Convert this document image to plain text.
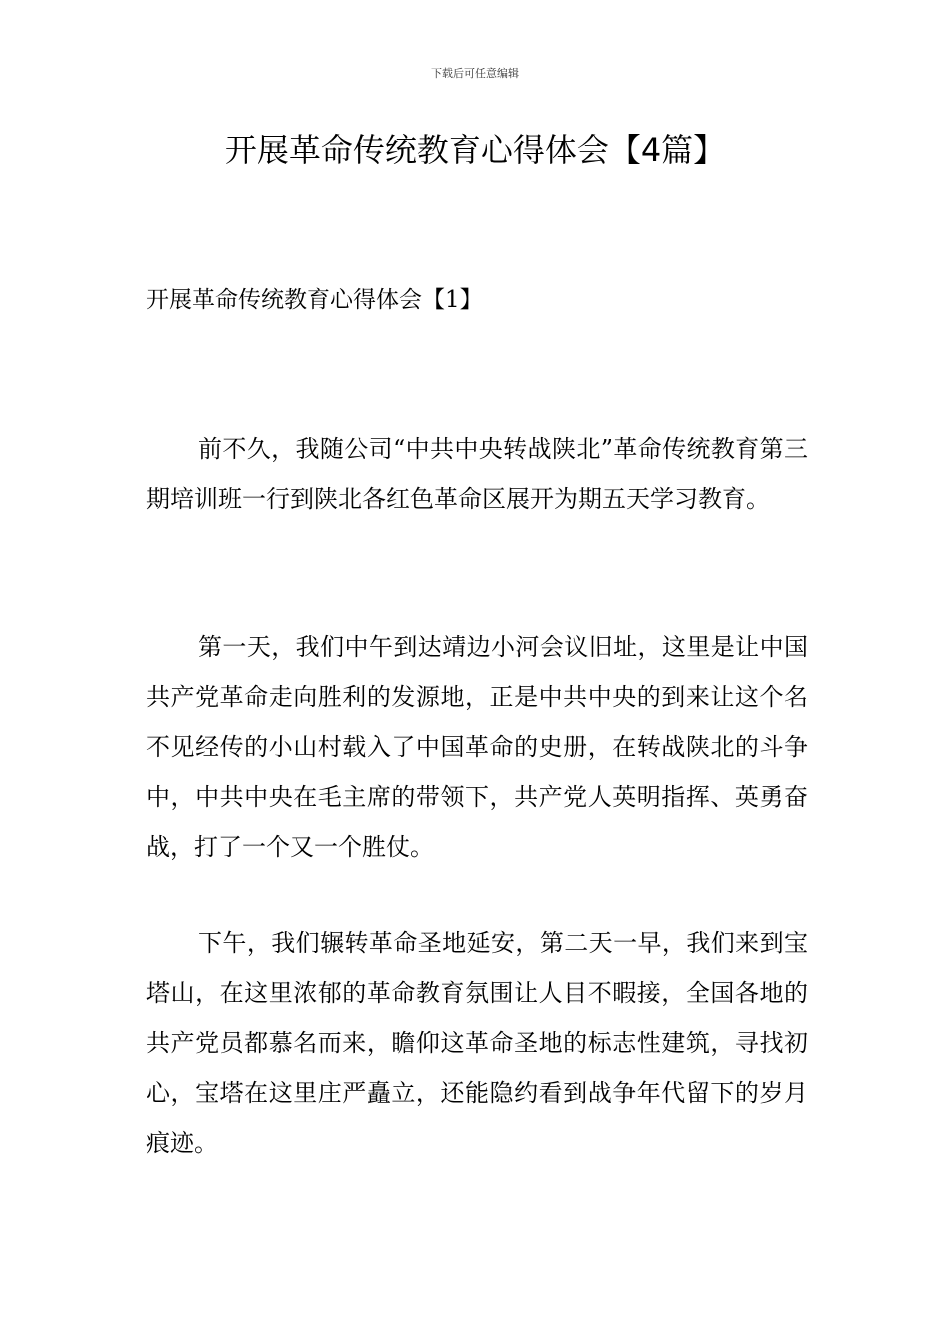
下载后可任意编辑
开展革命传统教育心得体会【4篇】
开展革命传统教育心得体会【1】

前不久，我随公司“中共中央转战陕北”革命传统教育第三期培训班一行到陕北各红色革命区展开为期五天学习教育。

第一天，我们中午到达靖边小河会议旧址，这里是让中国共产党革命走向胜利的发源地，正是中共中央的到来让这个名不见经传的小山村载入了中国革命的史册，在转战陕北的斗争中，中共中央在毛主席的带领下，共产党人英明指挥、英勇奋战，打了一个又一个胜仗。

下午，我们辗转革命圣地延安，第二天一早，我们来到宝塔山，在这里浓郁的革命教育氛围让人目不暇接，全国各地的共产党员都慕名而来，瞻仰这革命圣地的标志性建筑，寻找初心，宝塔在这里庄严矗立，还能隐约看到战争年代留下的岁月痕迹。
